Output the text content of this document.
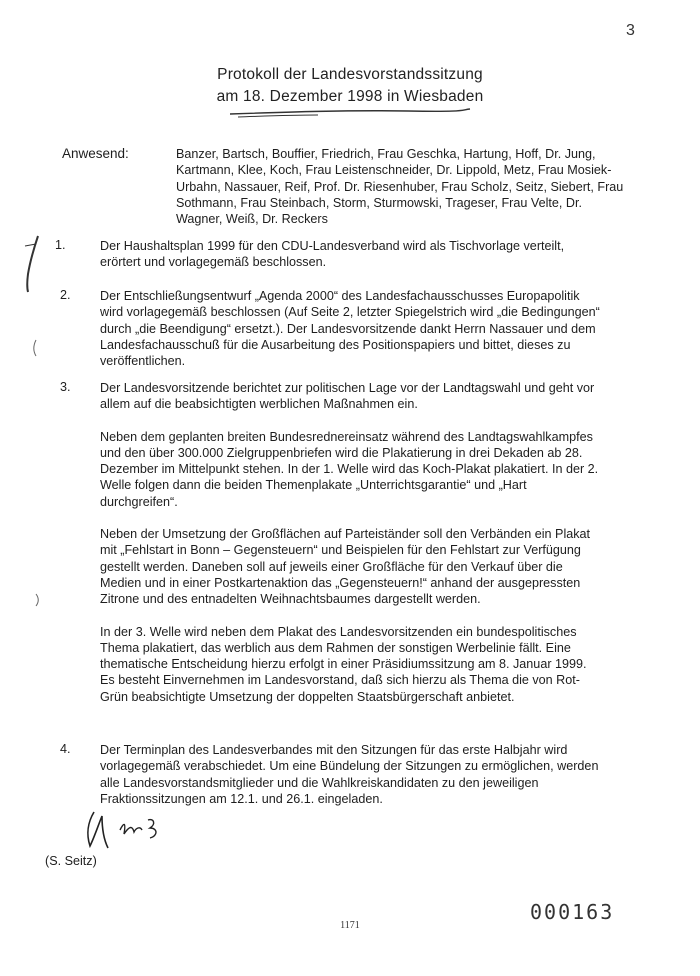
3
Protokoll der Landesvorstandssitzung
am 18. Dezember 1998 in Wiesbaden
Anwesend:	Banzer, Bartsch, Bouffier, Friedrich, Frau Geschka, Hartung, Hoff, Dr. Jung, Kartmann, Klee, Koch, Frau Leistenschneider, Dr. Lippold, Metz, Frau Mosiek-Urbahn, Nassauer, Reif, Prof. Dr. Riesenhuber, Frau Scholz, Seitz, Siebert, Frau Sothmann, Frau Steinbach, Storm, Sturmowski, Trageser, Frau Velte, Dr. Wagner, Weiß, Dr. Reckers
1.
2.
3.
4.

Der Haushaltsplan 1999 für den CDU-Landesverband wird als Tischvorlage verteilt, erörtert und vorlagegemäß beschlossen.

Der Entschließungsentwurf „Agenda 2000“ des Landesfachausschusses Europapolitik wird vorlagegemäß beschlossen (Auf Seite 2, letzter Spiegelstrich wird „die Bedingungen“ durch „die Beendigung“ ersetzt.). Der Landesvorsitzende dankt Herrn Nassauer und dem Landesfachausschuß für die Ausarbeitung des Positionspapiers und bittet, dieses zu veröffentlichen.

Der Landesvorsitzende berichtet zur politischen Lage vor der Landtagswahl und geht vor allem auf die beabsichtigten werblichen Maßnahmen ein.

Neben dem geplanten breiten Bundesrednereinsatz während des Landtagswahlkampfes und den über 300.000 Zielgruppenbriefen wird die Plakatierung in drei Dekaden ab 28. Dezember im Mittelpunkt stehen. In der 1. Welle wird das Koch-Plakat plakatiert. In der 2. Welle folgen dann die beiden Themenplakate „Unterrichtsgarantie“ und „Hart durchgreifen“.

Neben der Umsetzung der Großflächen auf Parteiständer soll den Verbänden ein Plakat mit „Fehlstart in Bonn – Gegensteuern“ und Beispielen für den Fehlstart zur Verfügung gestellt werden. Daneben soll auf jeweils einer Großfläche für den Verkauf über die Medien und in einer Postkartenaktion das „Gegensteuern!“ anhand der ausgepressten Zitrone und des entnadelten Weihnachtsbaumes dargestellt werden.

In der 3. Welle wird neben dem Plakat des Landesvorsitzenden ein bundespolitisches Thema plakatiert, das werblich aus dem Rahmen der sonstigen Werbelinie fällt. Eine thematische Entscheidung hierzu erfolgt in einer Präsidiumssitzung am 8. Januar 1999. Es besteht Einvernehmen im Landesvorstand, daß sich hierzu als Thema die von Rot-Grün beabsichtigte Umsetzung der doppelten Staatsbürgerschaft anbietet.

Der Terminplan des Landesverbandes mit den Sitzungen für das erste Halbjahr wird vorlagegemäß verabschiedet. Um eine Bündelung der Sitzungen zu ermöglichen, werden alle Landesvorstandsmitglieder und die Wahlkreiskandidaten zu den jeweiligen Fraktionssitzungen am 12.1. und 26.1. eingeladen.

(S. Seitz)
000163
1171
